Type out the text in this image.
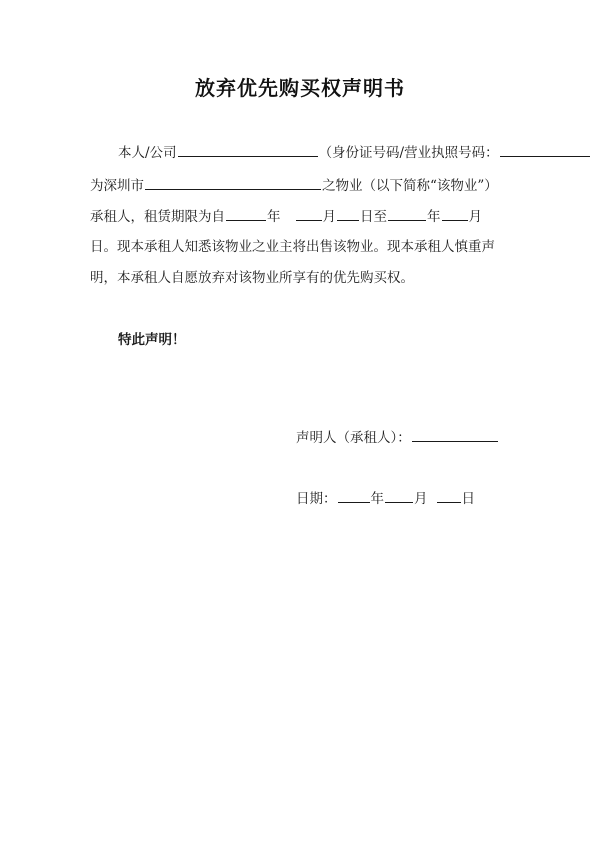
放弃优先购买权声明书
本人/公司	（身份证号码/营业执照号码：
为深圳市	之物业（以下简称“该物业”）
承租人，租赁期限为自	年	月 日至	年 月
日。现本承租人知悉该物业之业主将出售该物业。现本承租人慎重声
明，本承租人自愿放弃对该物业所享有的优先购买权。
特此声明！
声明人（承租人）：
日期：	年 月	日
